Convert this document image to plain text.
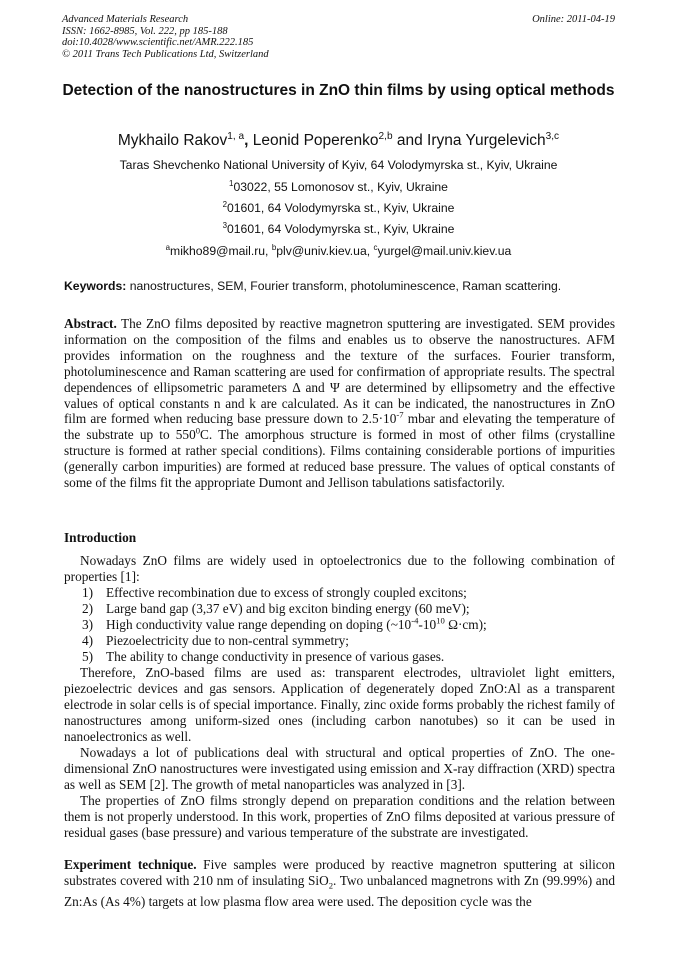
Advanced Materials Research
ISSN: 1662-8985, Vol. 222, pp 185-188
doi:10.4028/www.scientific.net/AMR.222.185
© 2011 Trans Tech Publications Ltd, Switzerland
Online: 2011-04-19
Detection of the nanostructures in ZnO thin films by using optical methods
Mykhailo Rakov$^{1, a}$, Leonid Poperenko$^{2,b}$ and Iryna Yurgelevich$^{3,c}$
Taras Shevchenko National University of Kyiv, 64 Volodymyrska st., Kyiv, Ukraine
$^1$03022, 55 Lomonosov st., Kyiv, Ukraine
$^2$01601, 64 Volodymyrska st., Kyiv, Ukraine
$^3$01601, 64 Volodymyrska st., Kyiv, Ukraine
$^a$mikho89@mail.ru, $^b$plv@univ.kiev.ua, $^c$yurgel@mail.univ.kiev.ua
Keywords: nanostructures, SEM, Fourier transform, photoluminescence, Raman scattering.
Abstract. The ZnO films deposited by reactive magnetron sputtering are investigated. SEM provides information on the composition of the films and enables us to observe the nanostructures. AFM provides information on the roughness and the texture of the surfaces. Fourier transform, photoluminescence and Raman scattering are used for confirmation of appropriate results. The spectral dependences of ellipsometric parameters Δ and Ψ are determined by ellipsometry and the effective values of optical constants n and k are calculated. As it can be indicated, the nanostructures in ZnO film are formed when reducing base pressure down to $2.5\cdot 10^{-7}$ mbar and elevating the temperature of the substrate up to $550^0C$. The amorphous structure is formed in most of other films (crystalline structure is formed at rather special conditions). Films containing considerable portions of impurities (generally carbon impurities) are formed at reduced base pressure. The values of optical constants of some of the films fit the appropriate Dumont and Jellison tabulations satisfactorily.
Introduction
Nowadays ZnO films are widely used in optoelectronics due to the following combination of properties [1]:
1) Effective recombination due to excess of strongly coupled excitons;
2) Large band gap (3,37 eV) and big exciton binding energy (60 meV);
3) High conductivity value range depending on doping ($\sim 10^{-4}-10^{10}$ Ω·cm);
4) Piezoelectricity due to non-central symmetry;
5) The ability to change conductivity in presence of various gases.
Therefore, ZnO-based films are used as: transparent electrodes, ultraviolet light emitters, piezoelectric devices and gas sensors. Application of degenerately doped ZnO:Al as a transparent electrode in solar cells is of special importance. Finally, zinc oxide forms probably the richest family of nanostructures among uniform-sized ones (including carbon nanotubes) so it can be used in nanoelectronics as well.
Nowadays a lot of publications deal with structural and optical properties of ZnO. The one-dimensional ZnO nanostructures were investigated using emission and X-ray diffraction (XRD) spectra as well as SEM [2]. The growth of metal nanoparticles was analyzed in [3].
The properties of ZnO films strongly depend on preparation conditions and the relation between them is not properly understood. In this work, properties of ZnO films deposited at various pressure of residual gases (base pressure) and various temperature of the substrate are investigated.
Experiment technique. Five samples were produced by reactive magnetron sputtering at silicon substrates covered with 210 nm of insulating SiO$_2$. Two unbalanced magnetrons with Zn (99.99%) and Zn:As (As 4%) targets at low plasma flow area were used. The deposition cycle was the
